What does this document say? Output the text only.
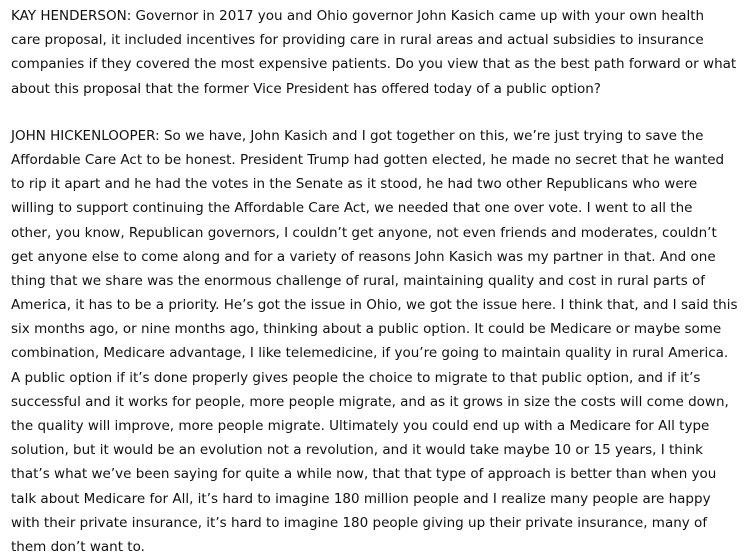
KAY HENDERSON: Governor in 2017 you and Ohio governor John Kasich came up with your own health
care proposal, it included incentives for providing care in rural areas and actual subsidies to insurance
companies if they covered the most expensive patients. Do you view that as the best path forward or what
about this proposal that the former Vice President has offered today of a public option?
JOHN HICKENLOOPER: So we have, John Kasich and I got together on this, we’re just trying to save the
Affordable Care Act to be honest. President Trump had gotten elected, he made no secret that he wanted
to rip it apart and he had the votes in the Senate as it stood, he had two other Republicans who were
willing to support continuing the Affordable Care Act, we needed that one over vote. I went to all the
other, you know, Republican governors, I couldn’t get anyone, not even friends and moderates, couldn’t
get anyone else to come along and for a variety of reasons John Kasich was my partner in that. And one
thing that we share was the enormous challenge of rural, maintaining quality and cost in rural parts of
America, it has to be a priority. He’s got the issue in Ohio, we got the issue here. I think that, and I said this
six months ago, or nine months ago, thinking about a public option. It could be Medicare or maybe some
combination, Medicare advantage, I like telemedicine, if you’re going to maintain quality in rural America.
A public option if it’s done properly gives people the choice to migrate to that public option, and if it’s
successful and it works for people, more people migrate, and as it grows in size the costs will come down,
the quality will improve, more people migrate. Ultimately you could end up with a Medicare for All type
solution, but it would be an evolution not a revolution, and it would take maybe 10 or 15 years, I think
that’s what we’ve been saying for quite a while now, that that type of approach is better than when you
talk about Medicare for All, it’s hard to imagine 180 million people and I realize many people are happy
with their private insurance, it’s hard to imagine 180 people giving up their private insurance, many of
them don’t want to.
